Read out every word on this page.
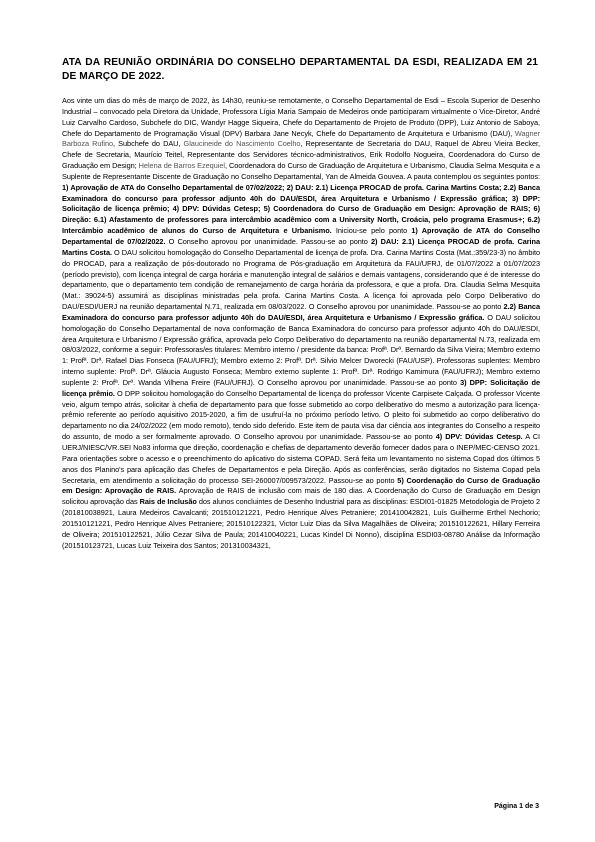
ATA DA REUNIÃO ORDINÁRIA DO CONSELHO DEPARTAMENTAL DA ESDI, REALIZADA EM 21 DE MARÇO DE 2022.
Aos vinte um dias do mês de março de 2022, às 14h30, reuniu-se remotamente, o Conselho Departamental de Esdi – Escola Superior de Desenho Industrial – convocado pela Diretora da Unidade, Professora Lígia Maria Sampaio de Medeiros onde participaram virtualmente o Vice-Diretor, André Luiz Carvalho Cardoso, Subchefe do DIC, Wandyr Hagge Siqueira, Chefe do Departamento de Projeto de Produto (DPP), Luiz Antonio de Saboya, Chefe do Departamento de Programação Visual (DPV) Barbara Jane Necyk, Chefe do Departamento de Arquitetura e Urbanismo (DAU), Wagner Barboza Rufino, Subchefe do DAU, Glaucineide do Nascimento Coelho, Representante de Secretaria do DAU, Raquel de Abreu Vieira Becker, Chefe de Secretaria, Maurício Teitel, Representante dos Servidores técnico-administrativos, Erik Rodolfo Nogueira, Coordenadora do Curso de Graduação em Design; Helena de Barros Ezequiel, Coordenadora do Curso de Graduação de Arquitetura e Urbanismo, Claudia Selma Mesquita e a Suplente de Representante Discente de Graduação no Conselho Departamental, Yan de Almeida Gouvea. A pauta contemplou os seguintes pontos: 1) Aprovação de ATA do Conselho Departamental de 07/02/2022; 2) DAU: 2.1) Licença PROCAD de profa. Carina Martins Costa; 2.2) Banca Examinadora do concurso para professor adjunto 40h do DAU/ESDI, área Arquitetura e Urbanismo / Expressão gráfica; 3) DPP: Solicitação de licença prêmio; 4) DPV: Dúvidas Cetesp; 5) Coordenadora do Curso de Graduação em Design: Aprovação de RAIS; 6) Direção: 6.1) Afastamento de professores para intercâmbio acadêmico com a University North, Croácia, pelo programa Erasmus+; 6.2) Intercâmbio acadêmico de alunos do Curso de Arquitetura e Urbanismo. Iniciou-se pelo ponto 1) Aprovação de ATA do Conselho Departamental de 07/02/2022. O Conselho aprovou por unanimidade. Passou-se ao ponto 2) DAU: 2.1) Licença PROCAD de profa. Carina Martins Costa. O DAU solicitou homologação do Conselho Departamental de licença de profa. Dra. Carina Martins Costa (Mat.:359/23-3) no âmbito do PROCAD, para a realização de pós-doutorado no Programa de Pós-graduação em Arquitetura da FAU/UFRJ, de 01/07/2022 a 01/07/2023 (período previsto), com licença integral de carga horária e manutenção integral de salários e demais vantagens, considerando que é de interesse do departamento, que o departamento tem condição de remanejamento de carga horária da professora, e que a profa. Dra. Claudia Selma Mesquita (Mat.: 39024-5) assumirá as disciplinas ministradas pela profa. Carina Martins Costa. A licença foi aprovada pelo Corpo Deliberativo do DAU/ESDI/UERJ na reunião departamental N.71, realizada em 08/03/2022. O Conselho aprovou por unanimidade. Passou-se ao ponto 2.2) Banca Examinadora do concurso para professor adjunto 40h do DAU/ESDI, área Arquitetura e Urbanismo / Expressão gráfica. O DAU solicitou homologação do Conselho Departamental de nova conformação de Banca Examinadora do concurso para professor adjunto 40h do DAU/ESDI, área Arquitetura e Urbanismo / Expressão gráfica, aprovada pelo Corpo Deliberativo do departamento na reunião departamental N.73, realizada em 08/03/2022, conforme a seguir: Professoras/es titulares: Membro interno / presidente da banca: Profª. Drª. Bernardo da Silva Vieira; Membro externo 1: Profª. Drª. Rafael Dias Fonseca (FAU/UFRJ); Membro externo 2: Profª. Drª. Silvio Melcer Dworecki (FAU/USP). Professoras suplentes: Membro interno suplente: Profª. Drª. Gláucia Augusto Fonseca; Membro externo suplente 1: Profª. Drª. Rodrigo Kamimura (FAU/UFRJ); Membro externo suplente 2: Profª. Drª. Wanda Vilhena Freire (FAU/UFRJ). O Conselho aprovou por unanimidade. Passou-se ao ponto 3) DPP: Solicitação de licença prêmio. O DPP solicitou homologação do Conselho Departamental de licença do professor Vicente Carpisete Calçada. O professor Vicente veio, algum tempo atrás, solicitar à chefia de departamento para que fosse submetido ao corpo deliberativo do mesmo a autorização para licença-prêmio referente ao período aquisitivo 2015-2020, a fim de usufruí-la no próximo período letivo. O pleito foi submetido ao corpo deliberativo do departamento no dia 24/02/2022 (em modo remoto), tendo sido deferido. Este item de pauta visa dar ciência aos integrantes do Conselho a respeito do assunto, de modo a ser formalmente aprovado. O Conselho aprovou por unanimidade. Passou-se ao ponto 4) DPV: Dúvidas Cetesp. A CI UERJ/NIESC/VR.SEI No83 informa que direção, coordenação e chefias de departamento deverão fornecer dados para o INEP/MEC-CENSO 2021. Para orientações sobre o acesso e o preenchimento do aplicativo do sistema COPAD. Será feita um levantamento no sistema Copad dos últimos 5 anos dos Planino's para aplicação das Chefes de Departamentos e pela Direção. Após as conferências, serão digitados no Sistema Copad pela Secretaria, em atendimento a solicitação do processo SEI-260007/009573/2022. Passou-se ao ponto 5) Coordenação do Curso de Graduação em Design: Aprovação de RAIS. Aprovação de RAIS de inclusão com mais de 180 dias. A Coordenação do Curso de Graduação em Design solicitou aprovação das Rais de Inclusão dos alunos concluintes de Desenho Industrial para as disciplinas: ESDI01-01825 Metodologia de Projeto 2 (201810038921, Laura Medeiros Cavalcanti; 201510121221, Pedro Henrique Alves Petraniere; 201410042821, Luís Guilherme Erthel Nechorio; 201510121221, Pedro Henrique Alves Petraniere; 201510122321, Victor Luiz Dias da Silva Magalhães de Oliveira; 201510122621, Hillary Ferreira de Oliveira; 201510122521, Júlio Cezar Silva de Paula; 201410040221, Lucas Kindel Di Nonno), disciplina ESDI03-08780 Análise da Informação (201510123721, Lucas Luiz Teixeira dos Santos; 201310034321,
Página 1 de 3
